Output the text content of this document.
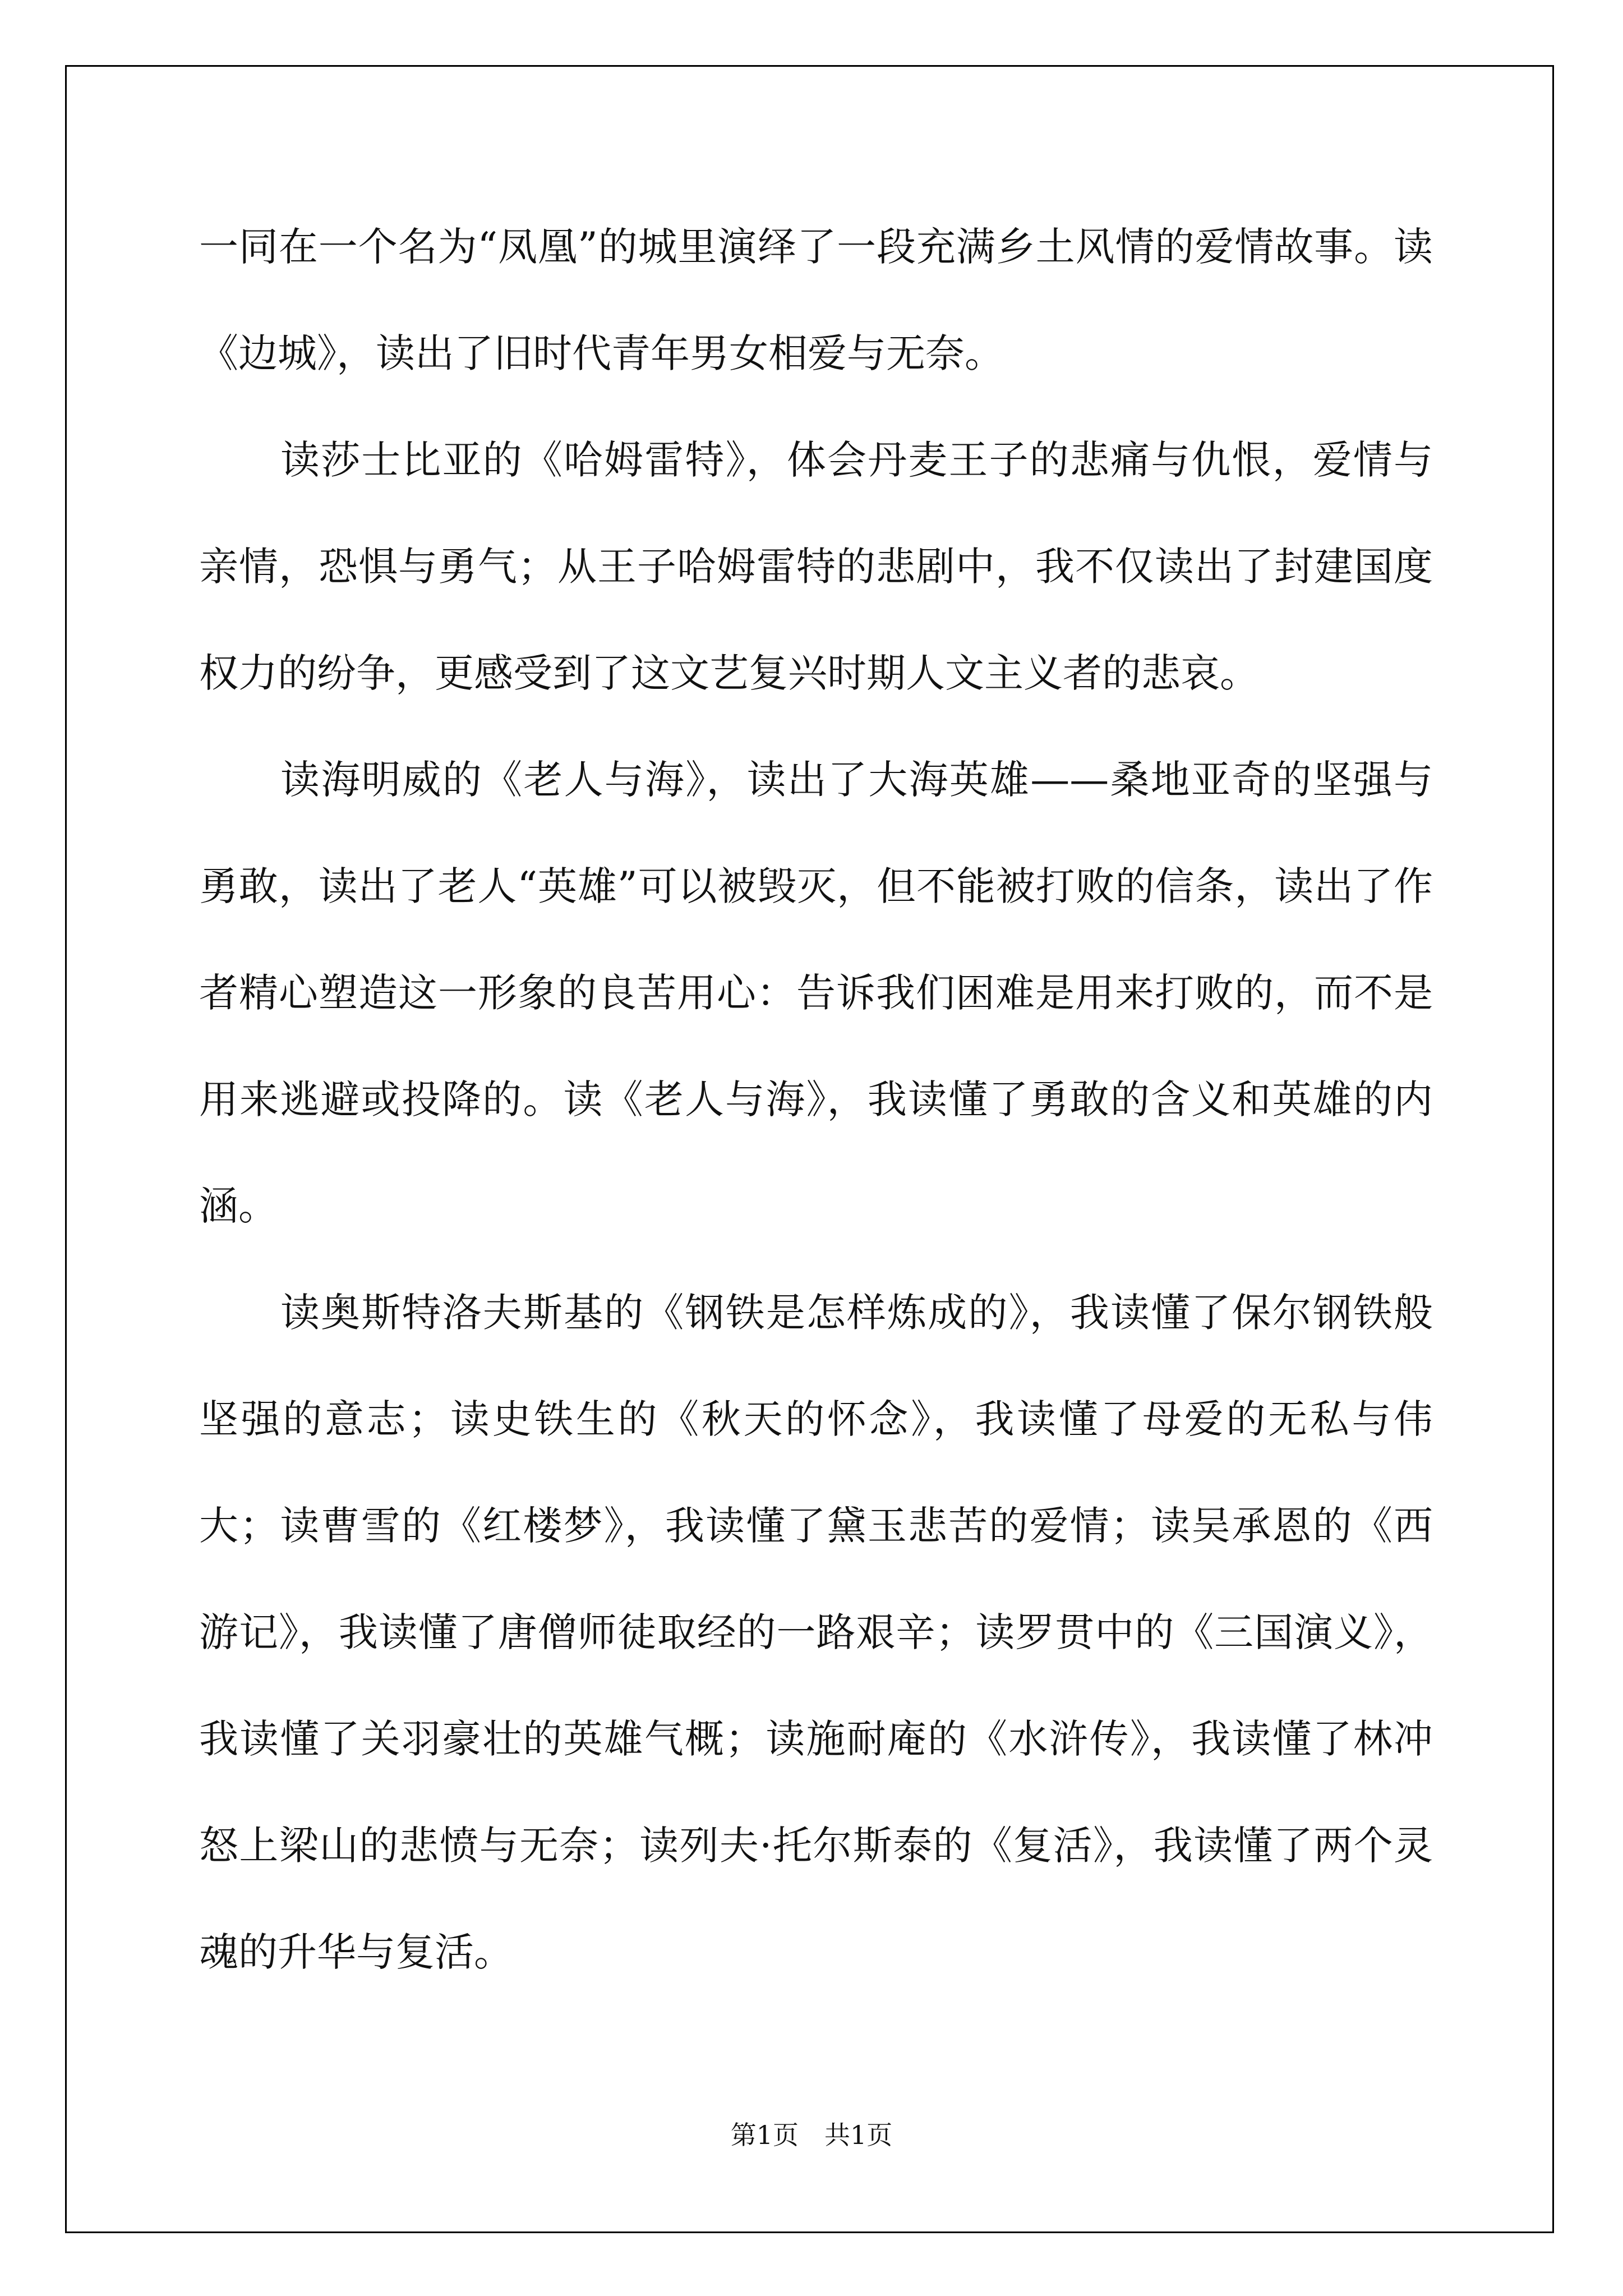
一同在一个名为“凤凰”的城里演绎了一段充满乡土风情的爱情故事。读《边城》，读出了旧时代青年男女相爱与无奈。

读莎士比亚的《哈姆雷特》，体会丹麦王子的悲痛与仇恨，爱情与亲情，恐惧与勇气；从王子哈姆雷特的悲剧中，我不仅读出了封建国度权力的纷争，更感受到了这文艺复兴时期人文主义者的悲哀。

读海明威的《老人与海》，读出了大海英雄——桑地亚奇的坚强与勇敢，读出了老人“英雄”可以被毁灭，但不能被打败的信条，读出了作者精心塑造这一形象的良苦用心：告诉我们困难是用来打败的，而不是用来逃避或投降的。读《老人与海》，我读懂了勇敢的含义和英雄的内涵。

读奥斯特洛夫斯基的《钢铁是怎样炼成的》，我读懂了保尔钢铁般坚强的意志；读史铁生的《秋天的怀念》，我读懂了母爱的无私与伟大；读曹雪的《红楼梦》，我读懂了黛玉悲苦的爱情；读吴承恩的《西游记》，我读懂了唐僧师徒取经的一路艰辛；读罗贯中的《三国演义》，我读懂了关羽豪壮的英雄气概；读施耐庵的《水浒传》，我读懂了林冲怒上梁山的悲愤与无奈；读列夫·托尔斯泰的《复活》，我读懂了两个灵魂的升华与复活。

第1页　共1页
